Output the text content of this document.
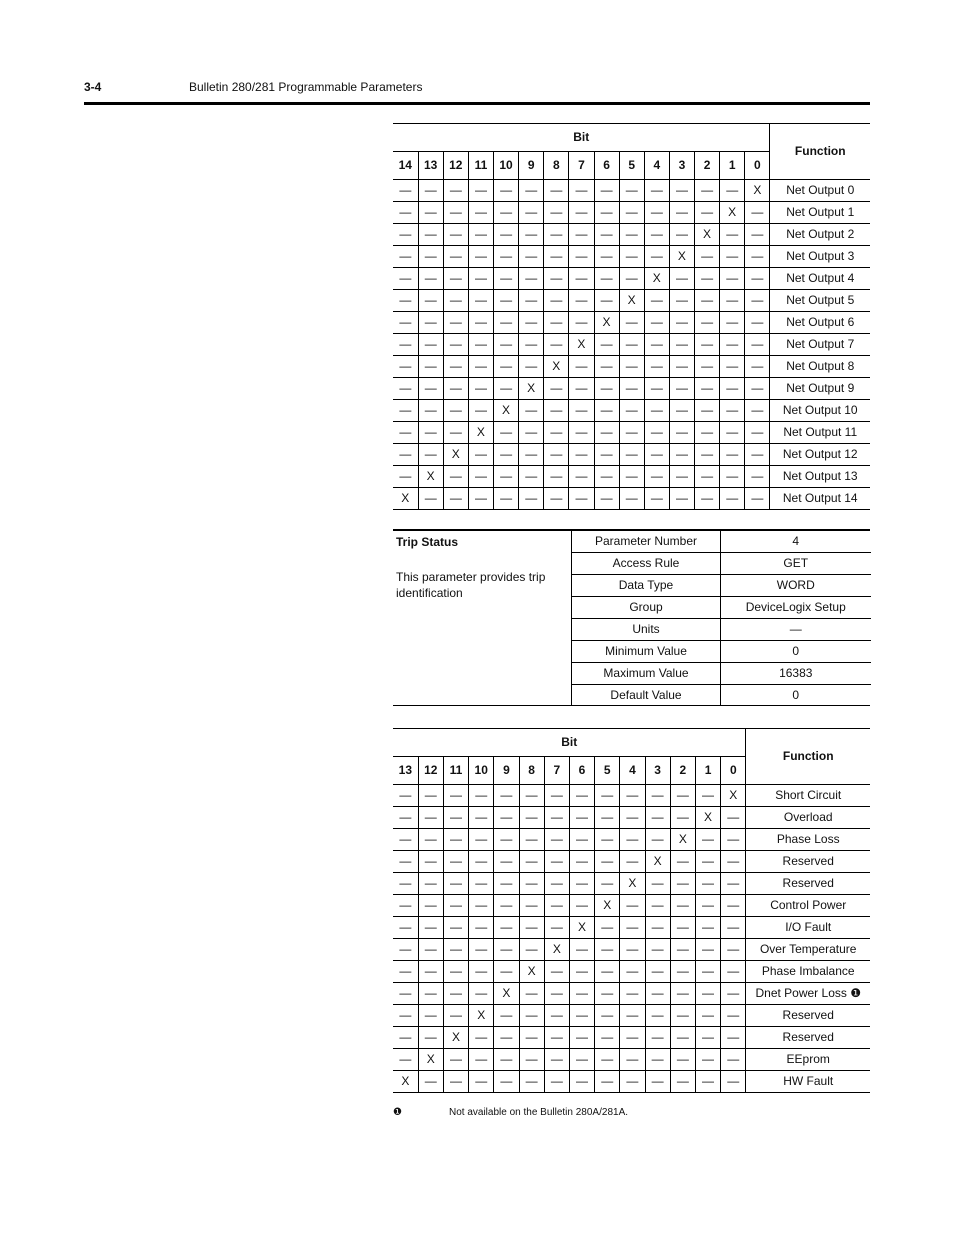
3-4	Bulletin 280/281 Programmable Parameters
Bit															Function
14	13	12	11	10	9	8	7	6	5	4	3	2	1	0	
—	—	—	—	—	—	—	—	—	—	—	—	—	—	X	Net Output 0
—	—	—	—	—	—	—	—	—	—	—	—	—	X	—	Net Output 1
—	—	—	—	—	—	—	—	—	—	—	—	X	—	—	Net Output 2
—	—	—	—	—	—	—	—	—	—	—	X	—	—	—	Net Output 3
—	—	—	—	—	—	—	—	—	—	X	—	—	—	—	Net Output 4
—	—	—	—	—	—	—	—	—	X	—	—	—	—	—	Net Output 5
—	—	—	—	—	—	—	—	X	—	—	—	—	—	—	Net Output 6
—	—	—	—	—	—	—	X	—	—	—	—	—	—	—	Net Output 7
—	—	—	—	—	—	X	—	—	—	—	—	—	—	—	Net Output 8
—	—	—	—	—	X	—	—	—	—	—	—	—	—	—	Net Output 9
—	—	—	—	X	—	—	—	—	—	—	—	—	—	—	Net Output 10
—	—	—	X	—	—	—	—	—	—	—	—	—	—	—	Net Output 11
—	—	X	—	—	—	—	—	—	—	—	—	—	—	—	Net Output 12
—	X	—	—	—	—	—	—	—	—	—	—	—	—	—	Net Output 13
X	—	—	—	—	—	—	—	—	—	—	—	—	—	—	Net Output 14
Trip Status
This parameter provides trip identification
Parameter Number	4
Access Rule	GET
Data Type	WORD
Group	DeviceLogix Setup
Units	—
Minimum Value	0
Maximum Value	16383
Default Value	0
Bit														Function
13	12	11	10	9	8	7	6	5	4	3	2	1	0	
—	—	—	—	—	—	—	—	—	—	—	—	—	X	Short Circuit
—	—	—	—	—	—	—	—	—	—	—	—	X	—	Overload
—	—	—	—	—	—	—	—	—	—	—	X	—	—	Phase Loss
—	—	—	—	—	—	—	—	—	—	X	—	—	—	Reserved
—	—	—	—	—	—	—	—	—	X	—	—	—	—	Reserved
—	—	—	—	—	—	—	—	X	—	—	—	—	—	Control Power
—	—	—	—	—	—	—	X	—	—	—	—	—	—	I/O Fault
—	—	—	—	—	—	X	—	—	—	—	—	—	—	Over Temperature
—	—	—	—	—	X	—	—	—	—	—	—	—	—	Phase Imbalance
—	—	—	—	X	—	—	—	—	—	—	—	—	—	Dnet Power Loss ❶
—	—	—	X	—	—	—	—	—	—	—	—	—	—	Reserved
—	—	X	—	—	—	—	—	—	—	—	—	—	—	Reserved
—	X	—	—	—	—	—	—	—	—	—	—	—	—	EEprom
X	—	—	—	—	—	—	—	—	—	—	—	—	—	HW Fault
❶	Not available on the Bulletin 280A/281A.
